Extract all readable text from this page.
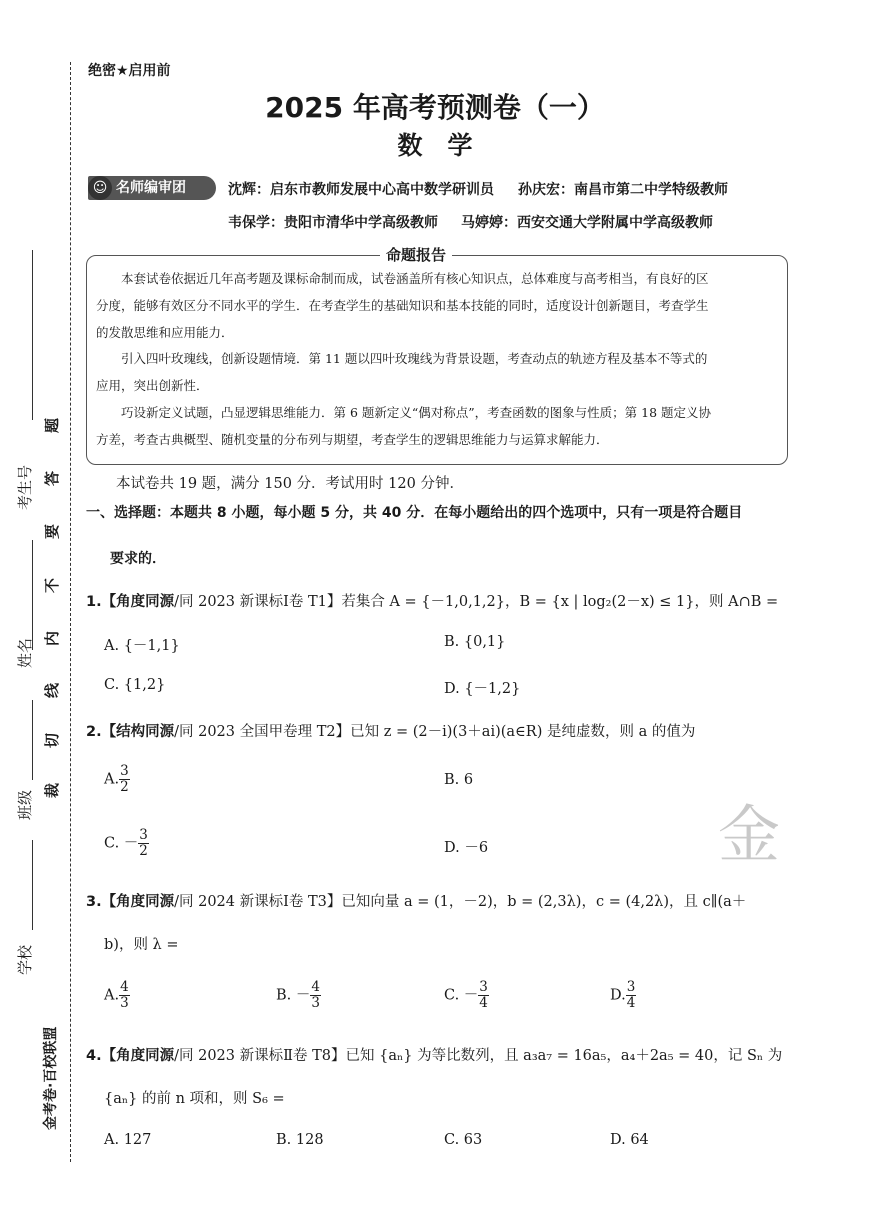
考生号
姓名
班级
学校
题
答
要
不
内
线
切
裁
金考卷·百校联盟
绝密★启用前
2025 年高考预测卷（一）
数　学
☺ 名师编审团	沈辉：启东市教师发展中心高中数学研训员 孙庆宏：南昌市第二中学特级教师
韦保学：贵阳市清华中学高级教师 马婷婷：西安交通大学附属中学高级教师
命题报告
本套试卷依据近几年高考题及课标命制而成，试卷涵盖所有核心知识点，总体难度与高考相当，有良好的区
分度，能够有效区分不同水平的学生．在考查学生的基础知识和基本技能的同时，适度设计创新题目，考查学生
的发散思维和应用能力．
引入四叶玫瑰线，创新设题情境．第 11 题以四叶玫瑰线为背景设题，考查动点的轨迹方程及基本不等式的
应用，突出创新性．
巧设新定义试题，凸显逻辑思维能力．第 6 题新定义“偶对称点”，考查函数的图象与性质；第 18 题定义协
方差，考查古典概型、随机变量的分布列与期望，考查学生的逻辑思维能力与运算求解能力．
本试卷共 19 题，满分 150 分．考试用时 120 分钟．
一、选择题：本题共 8 小题，每小题 5 分，共 40 分．在每小题给出的四个选项中，只有一项是符合题目
要求的．
1.【角度同源/同 2023 新课标Ⅰ卷 T1】若集合 A = {－1,0,1,2}，B = {x | log₂(2－x) ≤ 1}，则 A∩B =
A. {－1,1}	B. {0,1}
C. {1,2}	D. {－1,2}
2.【结构同源/同 2023 全国甲卷理 T2】已知 z = (2－i)(3＋ai)(a∈R) 是纯虚数，则 a 的值为
A. $\frac{3}{2}$	B. 6
C. － $\frac{3}{2}$	D. －6	金
3.【角度同源/同 2024 新课标Ⅰ卷 T3】已知向量 a = (1，－2)，b = (2,3λ)，c = (4,2λ)，且 c∥(a＋
b)，则 λ =
A. $\frac{4}{3}$	B. － $\frac{4}{3}$	C. － $\frac{3}{4}$	D. $\frac{3}{4}$
4.【角度同源/同 2023 新课标Ⅱ卷 T8】已知 {aₙ} 为等比数列，且 a₃a₇ = 16a₅，a₄＋2a₅ = 40，记 Sₙ 为
{aₙ} 的前 n 项和，则 S₆ =
A. 127	B. 128	C. 63	D. 64
